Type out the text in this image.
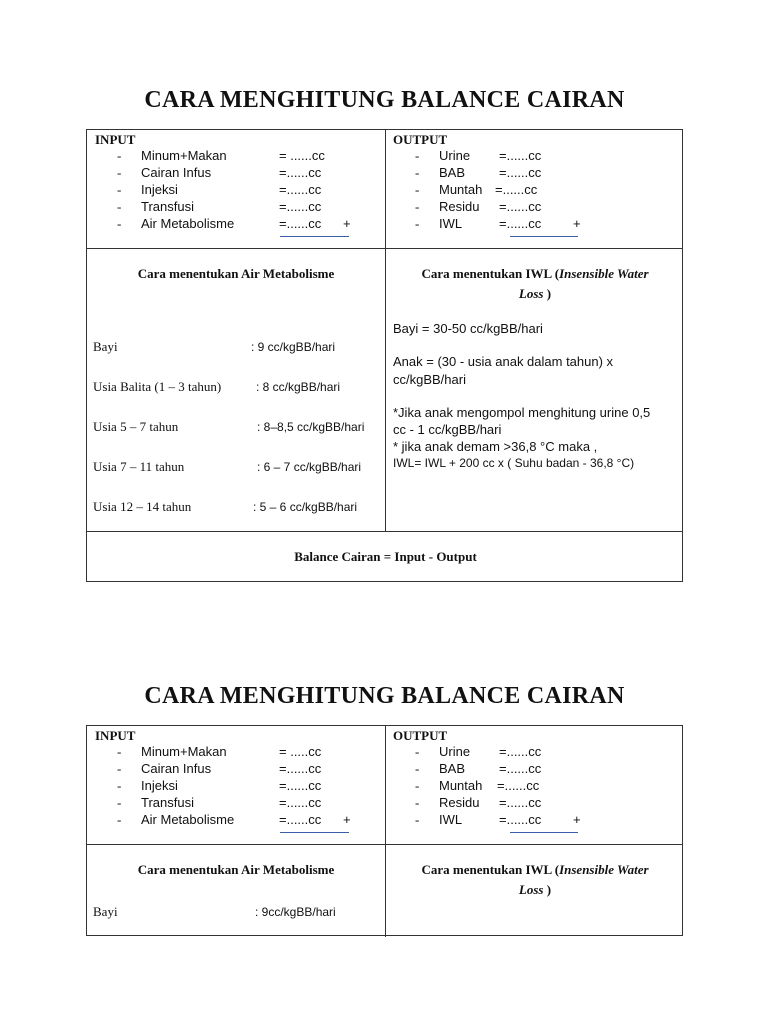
CARA MENGHITUNG BALANCE CAIRAN
INPUT
- Minum+Makan	= ......cc
- Cairan Infus	=......cc
- Injeksi	=......cc
- Transfusi	=......cc
- Air Metabolisme	=......cc +
OUTPUT
- Urine =......cc
- BAB	=......cc
- Muntah =......cc
- Residu =......cc
- IWL	=......cc +
Cara menentukan Air Metabolisme
Bayi	: 9 cc/kgBB/hari
Usia Balita (1 – 3 tahun)	: 8 cc/kgBB/hari
Usia 5 – 7 tahun	: 8–8,5 cc/kgBB/hari
Usia 7 – 11 tahun	: 6 – 7 cc/kgBB/hari
Usia 12 – 14 tahun	: 5 – 6 cc/kgBB/hari
Cara menentukan IWL (Insensible Water
Loss )
Bayi = 30-50 cc/kgBB/hari
Anak = (30 - usia anak dalam tahun) x
cc/kgBB/hari
*Jika anak mengompol menghitung urine 0,5
cc - 1 cc/kgBB/hari
* jika anak demam >36,8 °C maka ,
IWL= IWL + 200 cc x ( Suhu badan - 36,8 °C)
Balance Cairan = Input - Output
CARA MENGHITUNG BALANCE CAIRAN
INPUT
- Minum+Makan	= .....cc
- Cairan Infus	=......cc
- Injeksi	=......cc
- Transfusi	=......cc
- Air Metabolisme	=......cc +
OUTPUT
- Urine =......cc
- BAB	=......cc
- Muntah =......cc
- Residu =......cc
- IWL	=......cc +
Cara menentukan Air Metabolisme
Bayi	: 9cc/kgBB/hari
Cara menentukan IWL (Insensible Water
Loss )
